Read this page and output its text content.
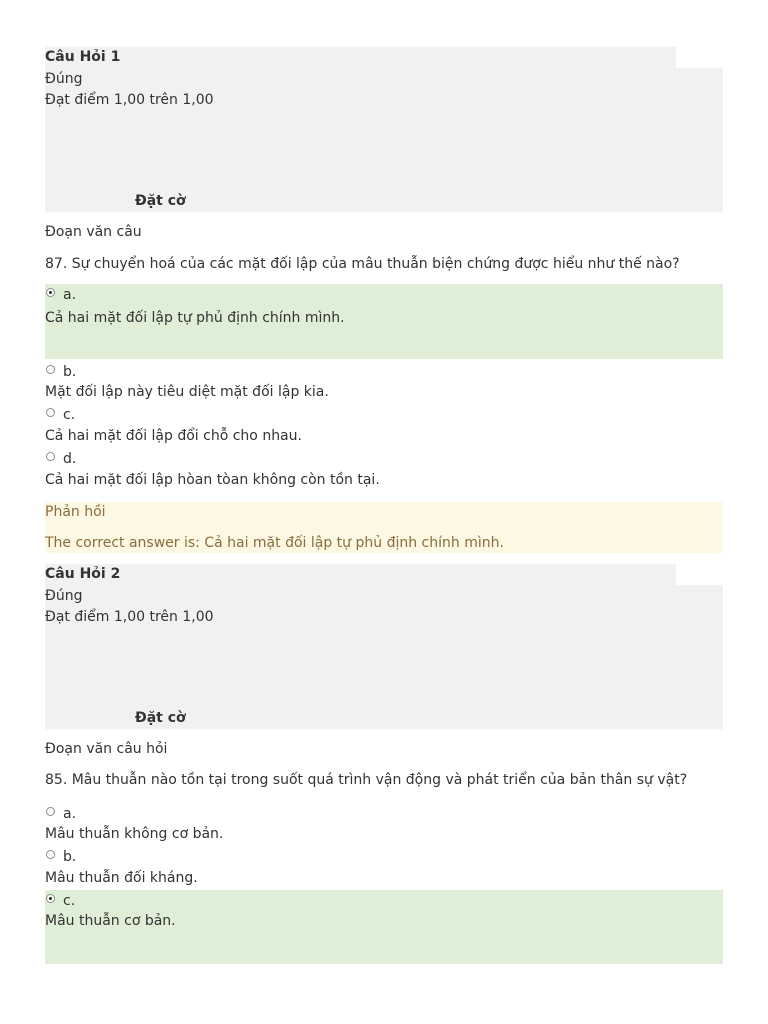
Câu Hỏi 1
Đúng
Đạt điểm 1,00 trên 1,00
Đặt cờ
Đoạn văn câu
87. Sự chuyển hoá của các mặt đối lập của mâu thuẫn biện chứng được hiểu như thế nào?
a.
Cả hai mặt đối lập tự phủ định chính mình.
b.
Mặt đối lập này tiêu diệt mặt đối lập kia.
c.
Cả hai mặt đối lập đổi chỗ cho nhau.
d.
Cả hai mặt đối lập hòan tòan không còn tồn tại.
Phản hồi
The correct answer is: Cả hai mặt đối lập tự phủ định chính mình.
Câu Hỏi 2
Đúng
Đạt điểm 1,00 trên 1,00
Đặt cờ
Đoạn văn câu hỏi
85. Mâu thuẫn nào tồn tại trong suốt quá trình vận động và phát triển của bản thân sự vật?
a.
Mâu thuẫn không cơ bản.
b.
Mâu thuẫn đối kháng.
c.
Mâu thuẫn cơ bản.
